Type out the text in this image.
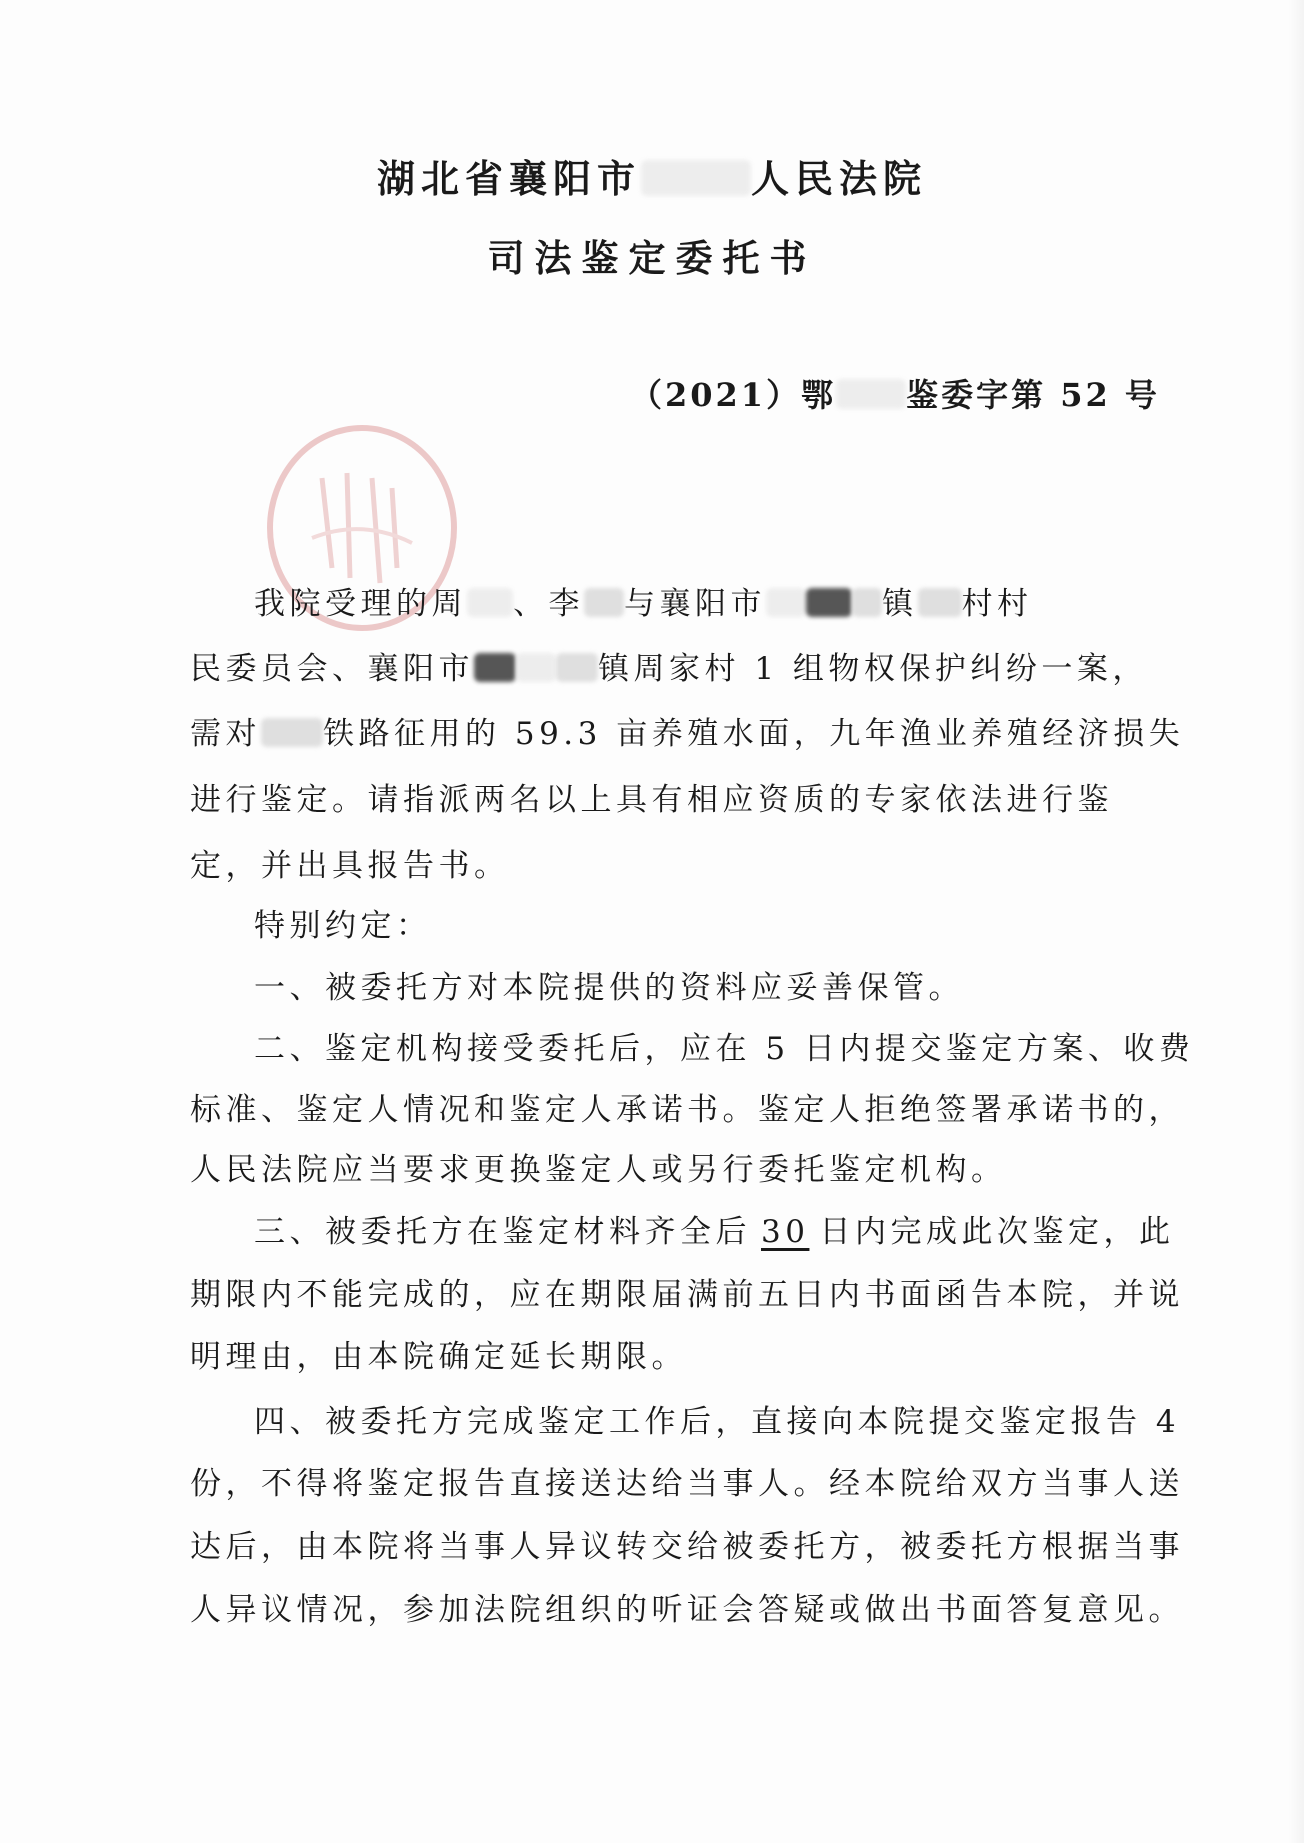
湖北省襄阳市	人民法院
司法鉴定委托书
（2021）鄂 鉴委字第 52 号
我院受理的周 、李 与襄阳市	镇 村村
民委员会、襄阳市	镇周家村 1 组物权保护纠纷一案，
需对 铁路征用的 59.3 亩养殖水面，九年渔业养殖经济损失
进行鉴定。请指派两名以上具有相应资质的专家依法进行鉴
定，并出具报告书。
特别约定：
一、被委托方对本院提供的资料应妥善保管。
二、鉴定机构接受委托后，应在 5 日内提交鉴定方案、收费
标准、鉴定人情况和鉴定人承诺书。鉴定人拒绝签署承诺书的，
人民法院应当要求更换鉴定人或另行委托鉴定机构。
三、被委托方在鉴定材料齐全后 30 日内完成此次鉴定，此
期限内不能完成的，应在期限届满前五日内书面函告本院，并说
明理由，由本院确定延长期限。
四、被委托方完成鉴定工作后，直接向本院提交鉴定报告 4
份，不得将鉴定报告直接送达给当事人。经本院给双方当事人送
达后，由本院将当事人异议转交给被委托方，被委托方根据当事
人异议情况，参加法院组织的听证会答疑或做出书面答复意见。
